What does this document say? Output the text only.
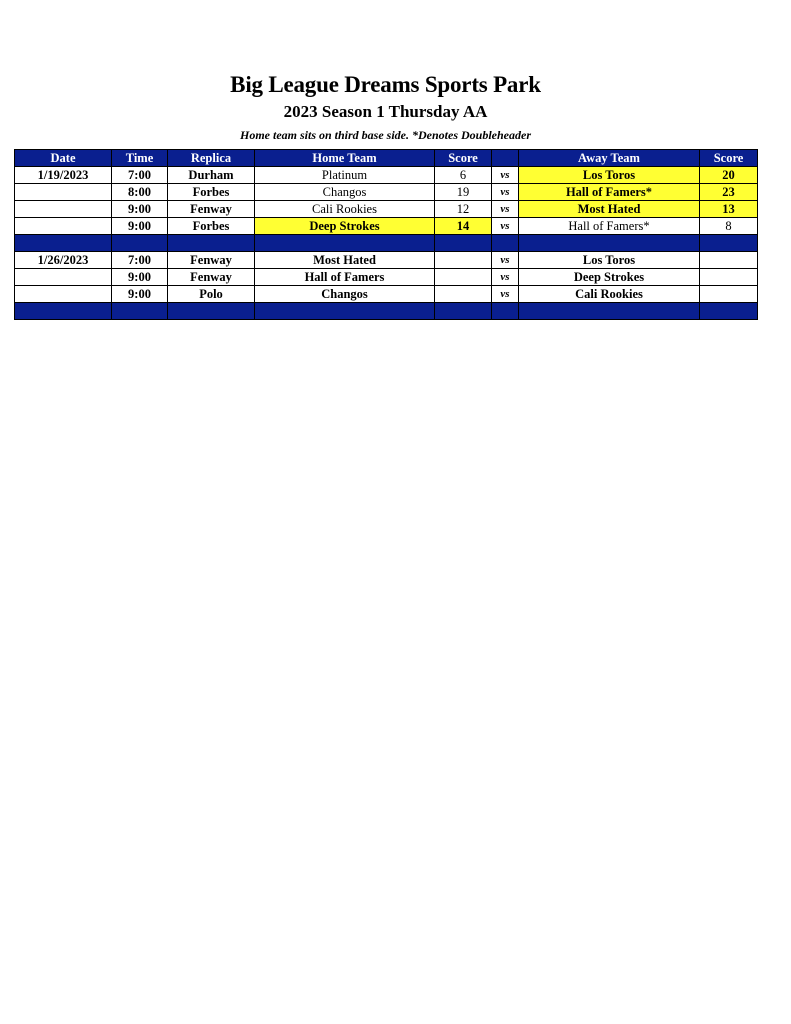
Big League Dreams Sports Park
2023 Season 1 Thursday AA
Home team sits on third base side. *Denotes Doubleheader
Date	Time	Replica	Home Team	Score		Away Team	Score
1/19/2023	7:00	Durham	Platinum	6	vs	Los Toros	20
	8:00	Forbes	Changos	19	vs	Hall of Famers*	23
	9:00	Fenway	Cali Rookies	12	vs	Most Hated	13
	9:00	Forbes	Deep Strokes	14	vs	Hall of Famers*	8

1/26/2023	7:00	Fenway	Most Hated		vs	Los Toros	
	9:00	Fenway	Hall of Famers		vs	Deep Strokes	
	9:00	Polo	Changos		vs	Cali Rookies	
